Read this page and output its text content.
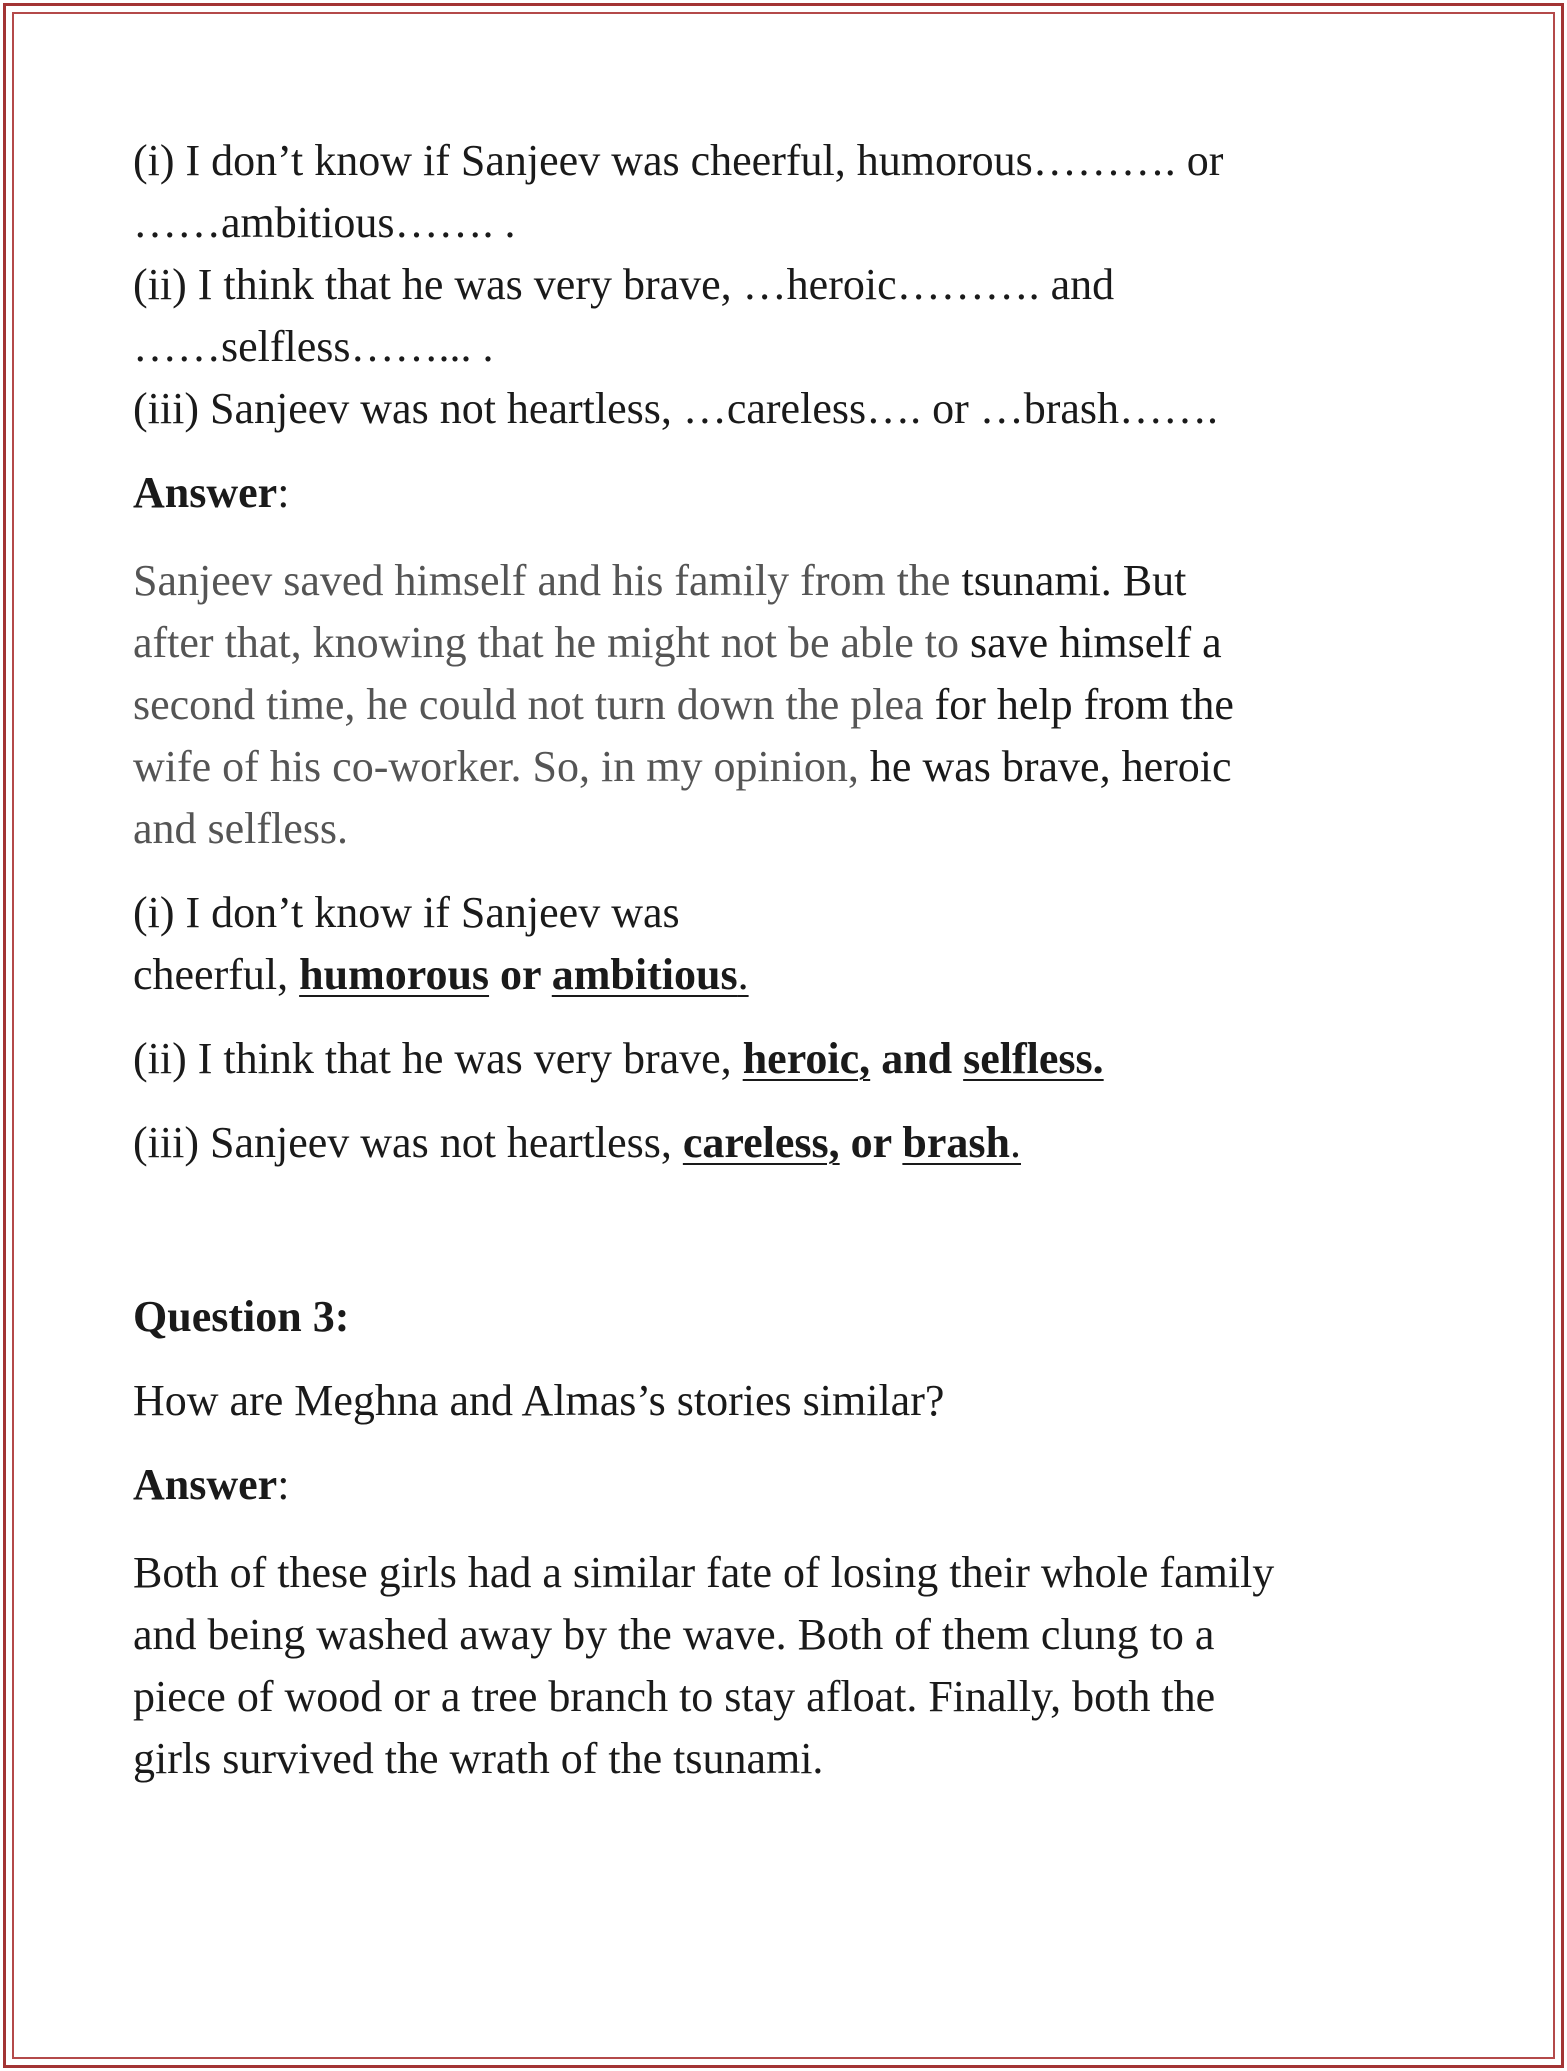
(i) I don’t know if Sanjeev was cheerful, humorous………. or

……ambitious……. .

(ii) I think that he was very brave, …heroic………. and

……selfless……... .

(iii) Sanjeev was not heartless, …careless…. or …brash…….

Answer:

Sanjeev saved himself and his family from the tsunami. But

after that, knowing that he might not be able to save himself a

second time, he could not turn down the plea for help from the

wife of his co-worker. So, in my opinion, he was brave, heroic

and selfless.

(i) I don’t know if Sanjeev was

cheerful, humorous or ambitious.

(ii) I think that he was very brave, heroic, and selfless.

(iii) Sanjeev was not heartless, careless, or brash.

Question 3:

How are Meghna and Almas’s stories similar?

Answer:

Both of these girls had a similar fate of losing their whole family

and being washed away by the wave. Both of them clung to a

piece of wood or a tree branch to stay afloat. Finally, both the

girls survived the wrath of the tsunami.
